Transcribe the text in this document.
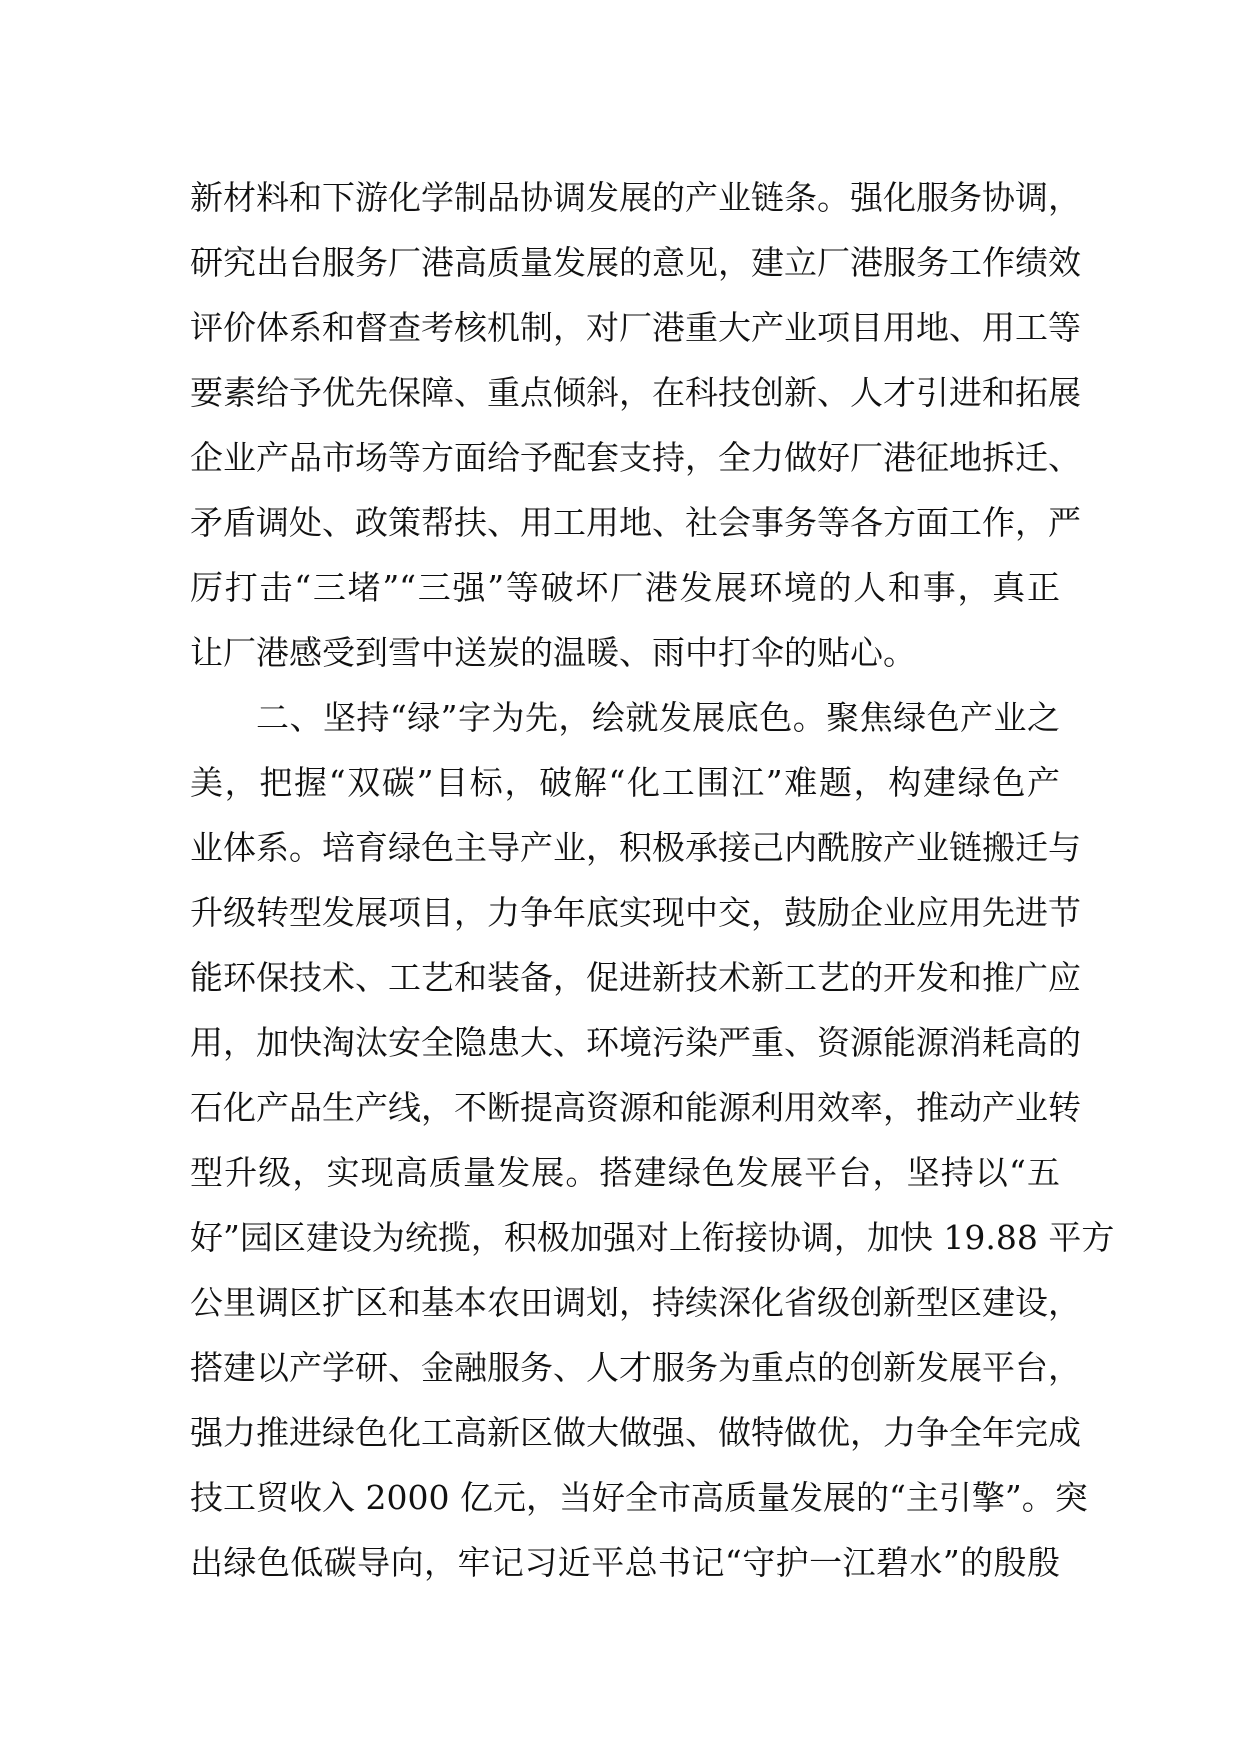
新材料和下游化学制品协调发展的产业链条。强化服务协调，
研究出台服务厂港高质量发展的意见，建立厂港服务工作绩效
评价体系和督查考核机制，对厂港重大产业项目用地、用工等
要素给予优先保障、重点倾斜，在科技创新、人才引进和拓展
企业产品市场等方面给予配套支持，全力做好厂港征地拆迁、
矛盾调处、政策帮扶、用工用地、社会事务等各方面工作，严
厉打击“三堵”“三强”等破坏厂港发展环境的人和事，真正
让厂港感受到雪中送炭的温暖、雨中打伞的贴心。
二、坚持“绿”字为先，绘就发展底色。聚焦绿色产业之
美，把握“双碳”目标，破解“化工围江”难题，构建绿色产
业体系。培育绿色主导产业，积极承接己内酰胺产业链搬迁与
升级转型发展项目，力争年底实现中交，鼓励企业应用先进节
能环保技术、工艺和装备，促进新技术新工艺的开发和推广应
用，加快淘汰安全隐患大、环境污染严重、资源能源消耗高的
石化产品生产线，不断提高资源和能源利用效率，推动产业转
型升级，实现高质量发展。搭建绿色发展平台，坚持以“五
好”园区建设为统揽，积极加强对上衔接协调，加快 19.88 平方
公里调区扩区和基本农田调划，持续深化省级创新型区建设，
搭建以产学研、金融服务、人才服务为重点的创新发展平台，
强力推进绿色化工高新区做大做强、做特做优，力争全年完成
技工贸收入 2000 亿元，当好全市高质量发展的“主引擎”。突
出绿色低碳导向，牢记习近平总书记“守护一江碧水”的殷殷
